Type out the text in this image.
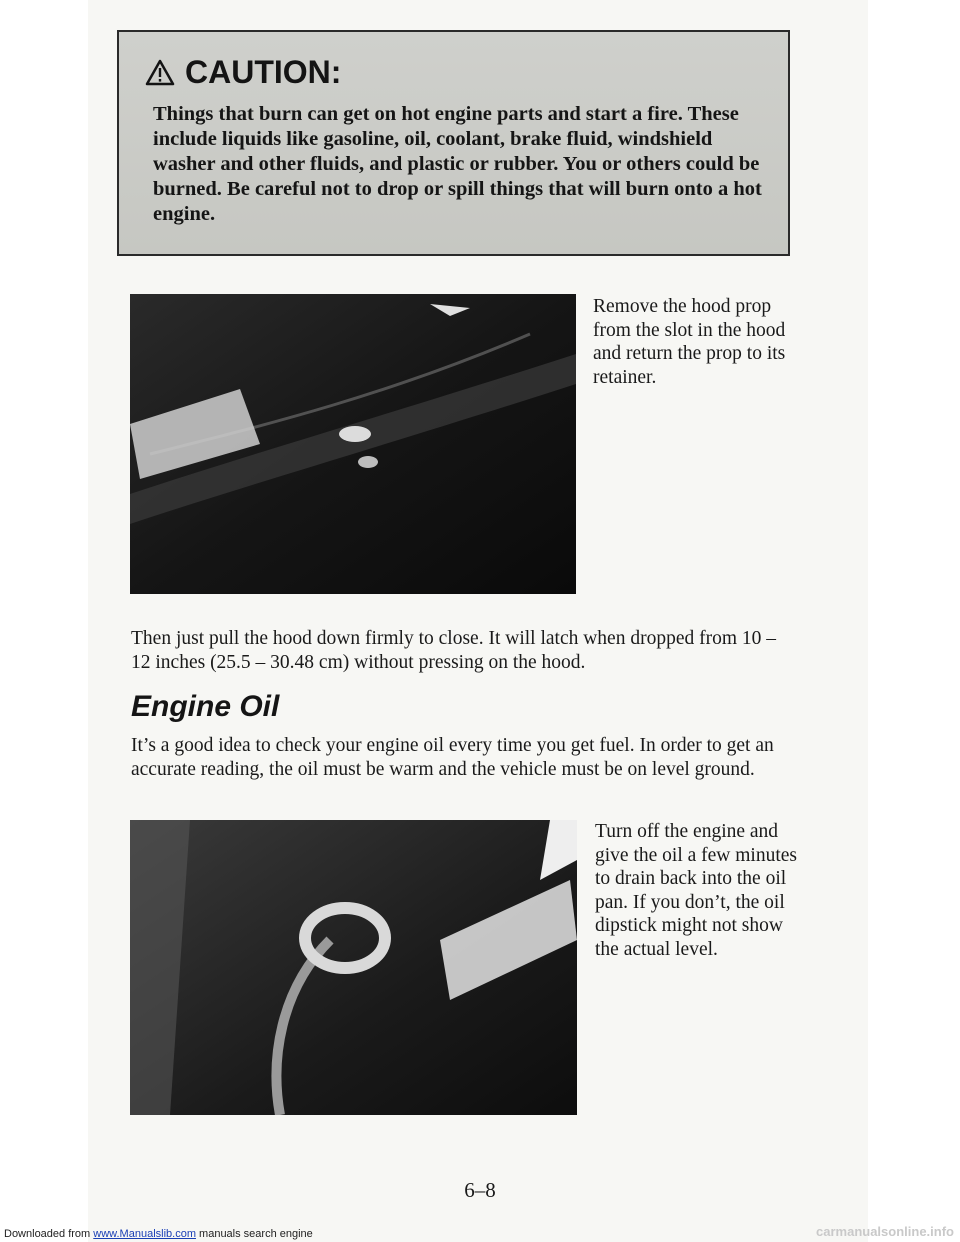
CAUTION:
Things that burn can get on hot engine parts and start a fire. These include liquids like gasoline, oil, coolant, brake fluid, windshield washer and other fluids, and plastic or rubber. You or others could be burned. Be careful not to drop or spill things that will burn onto a hot engine.
Remove the hood prop from the slot in the hood and return the prop to its retainer.
Then just pull the hood down firmly to close. It will latch when dropped from 10 – 12 inches (25.5 – 30.48 cm) without pressing on the hood.
Engine Oil
It’s a good idea to check your engine oil every time you get fuel. In order to get an accurate reading, the oil must be warm and the vehicle must be on level ground.
Turn off the engine and give the oil a few minutes to drain back into the oil pan. If you don’t, the oil dipstick might not show the actual level.
6–8
Downloaded from www.Manualslib.com manuals search engine	carmanualsonline.info
